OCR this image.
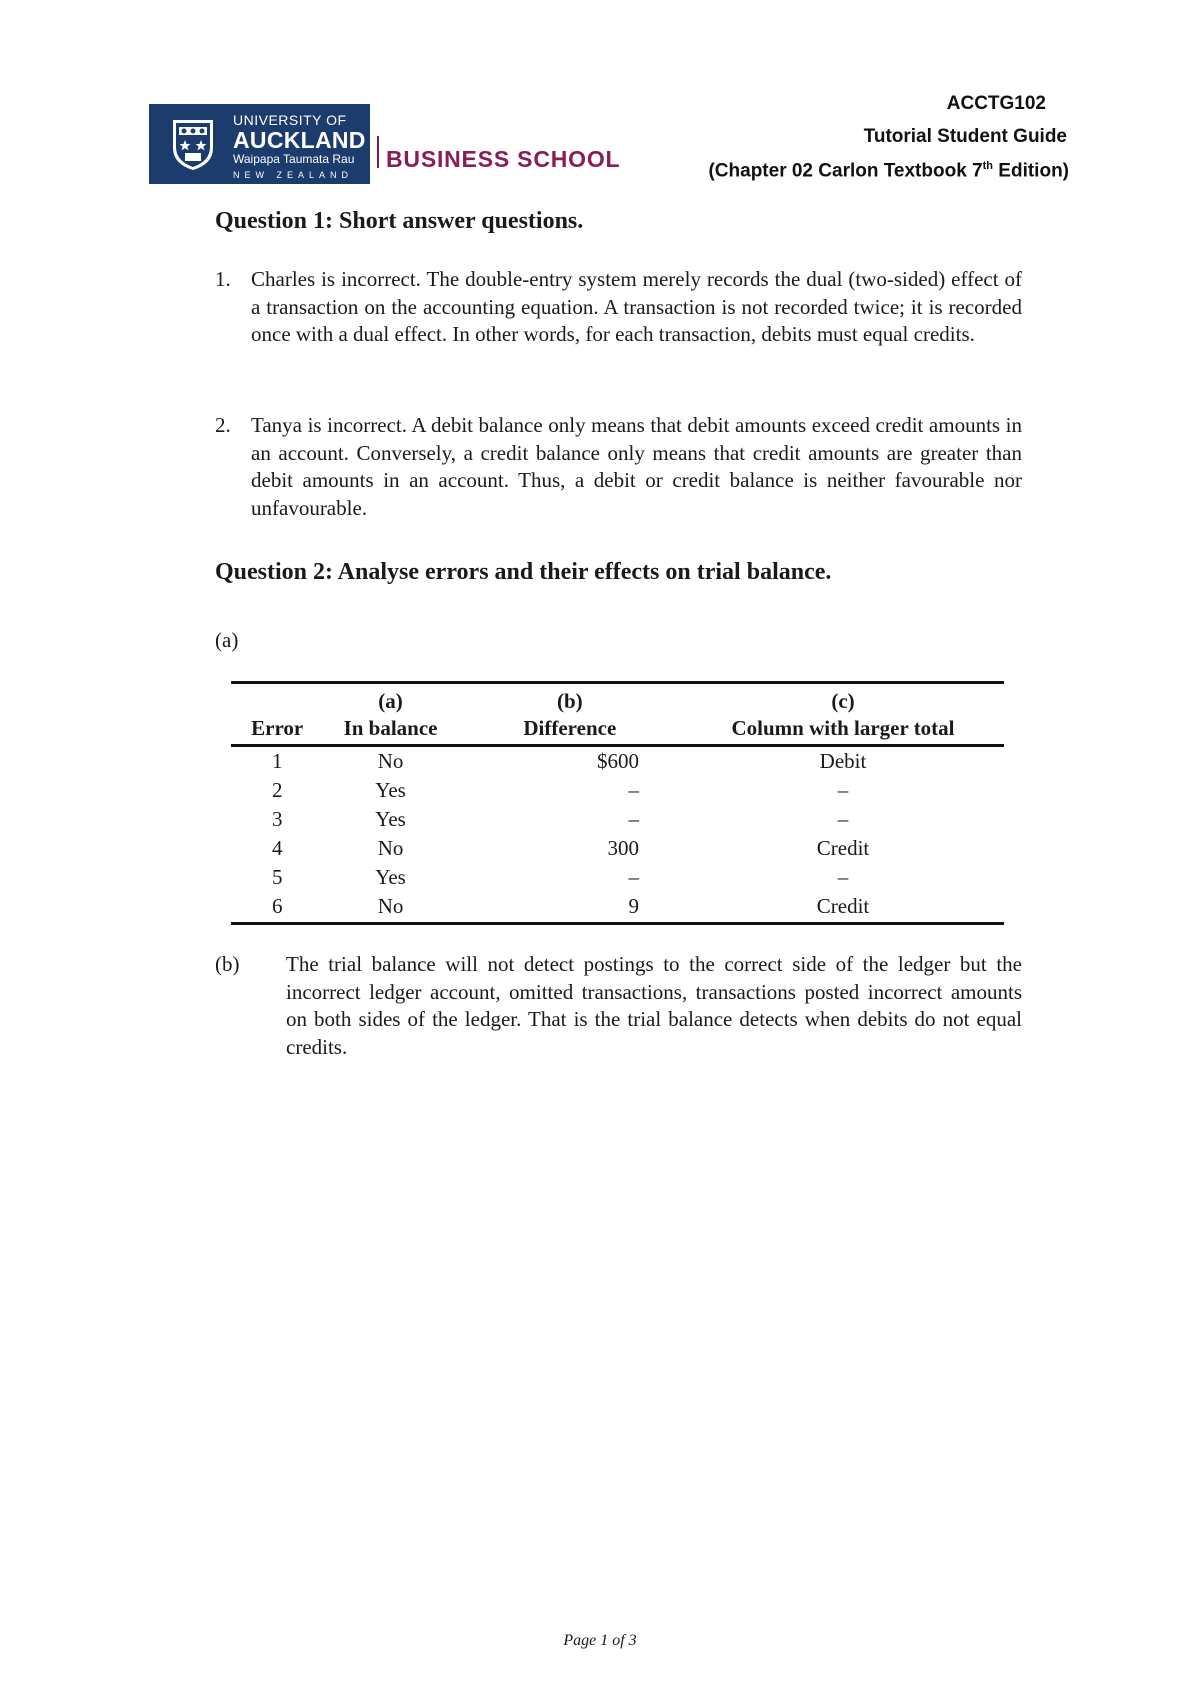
UNIVERSITY OF
AUCKLAND
Waipapa Taumata Rau
NEW ZEALAND
BUSINESS SCHOOL
ACCTG102
Tutorial Student Guide
(Chapter 02 Carlon Textbook 7th Edition)
Question 1: Short answer questions.
1. Charles is incorrect. The double-entry system merely records the dual (two-sided) effect of a transaction on the accounting equation. A transaction is not recorded twice; it is recorded once with a dual effect. In other words, for each transaction, debits must equal credits.
2. Tanya is incorrect. A debit balance only means that debit amounts exceed credit amounts in an account. Conversely, a credit balance only means that credit amounts are greater than debit amounts in an account. Thus, a debit or credit balance is neither favourable nor unfavourable.
Question 2: Analyse errors and their effects on trial balance.
(a)
	(a)	(b)	(c)
Error	In balance	Difference	Column with larger total
1	No	$600	Debit
2	Yes	–	–
3	Yes	–	–
4	No	300	Credit
5	Yes	–	–
6	No	9	Credit
(b) The trial balance will not detect postings to the correct side of the ledger but the incorrect ledger account, omitted transactions, transactions posted incorrect amounts on both sides of the ledger. That is the trial balance detects when debits do not equal credits.
Page 1 of 3
